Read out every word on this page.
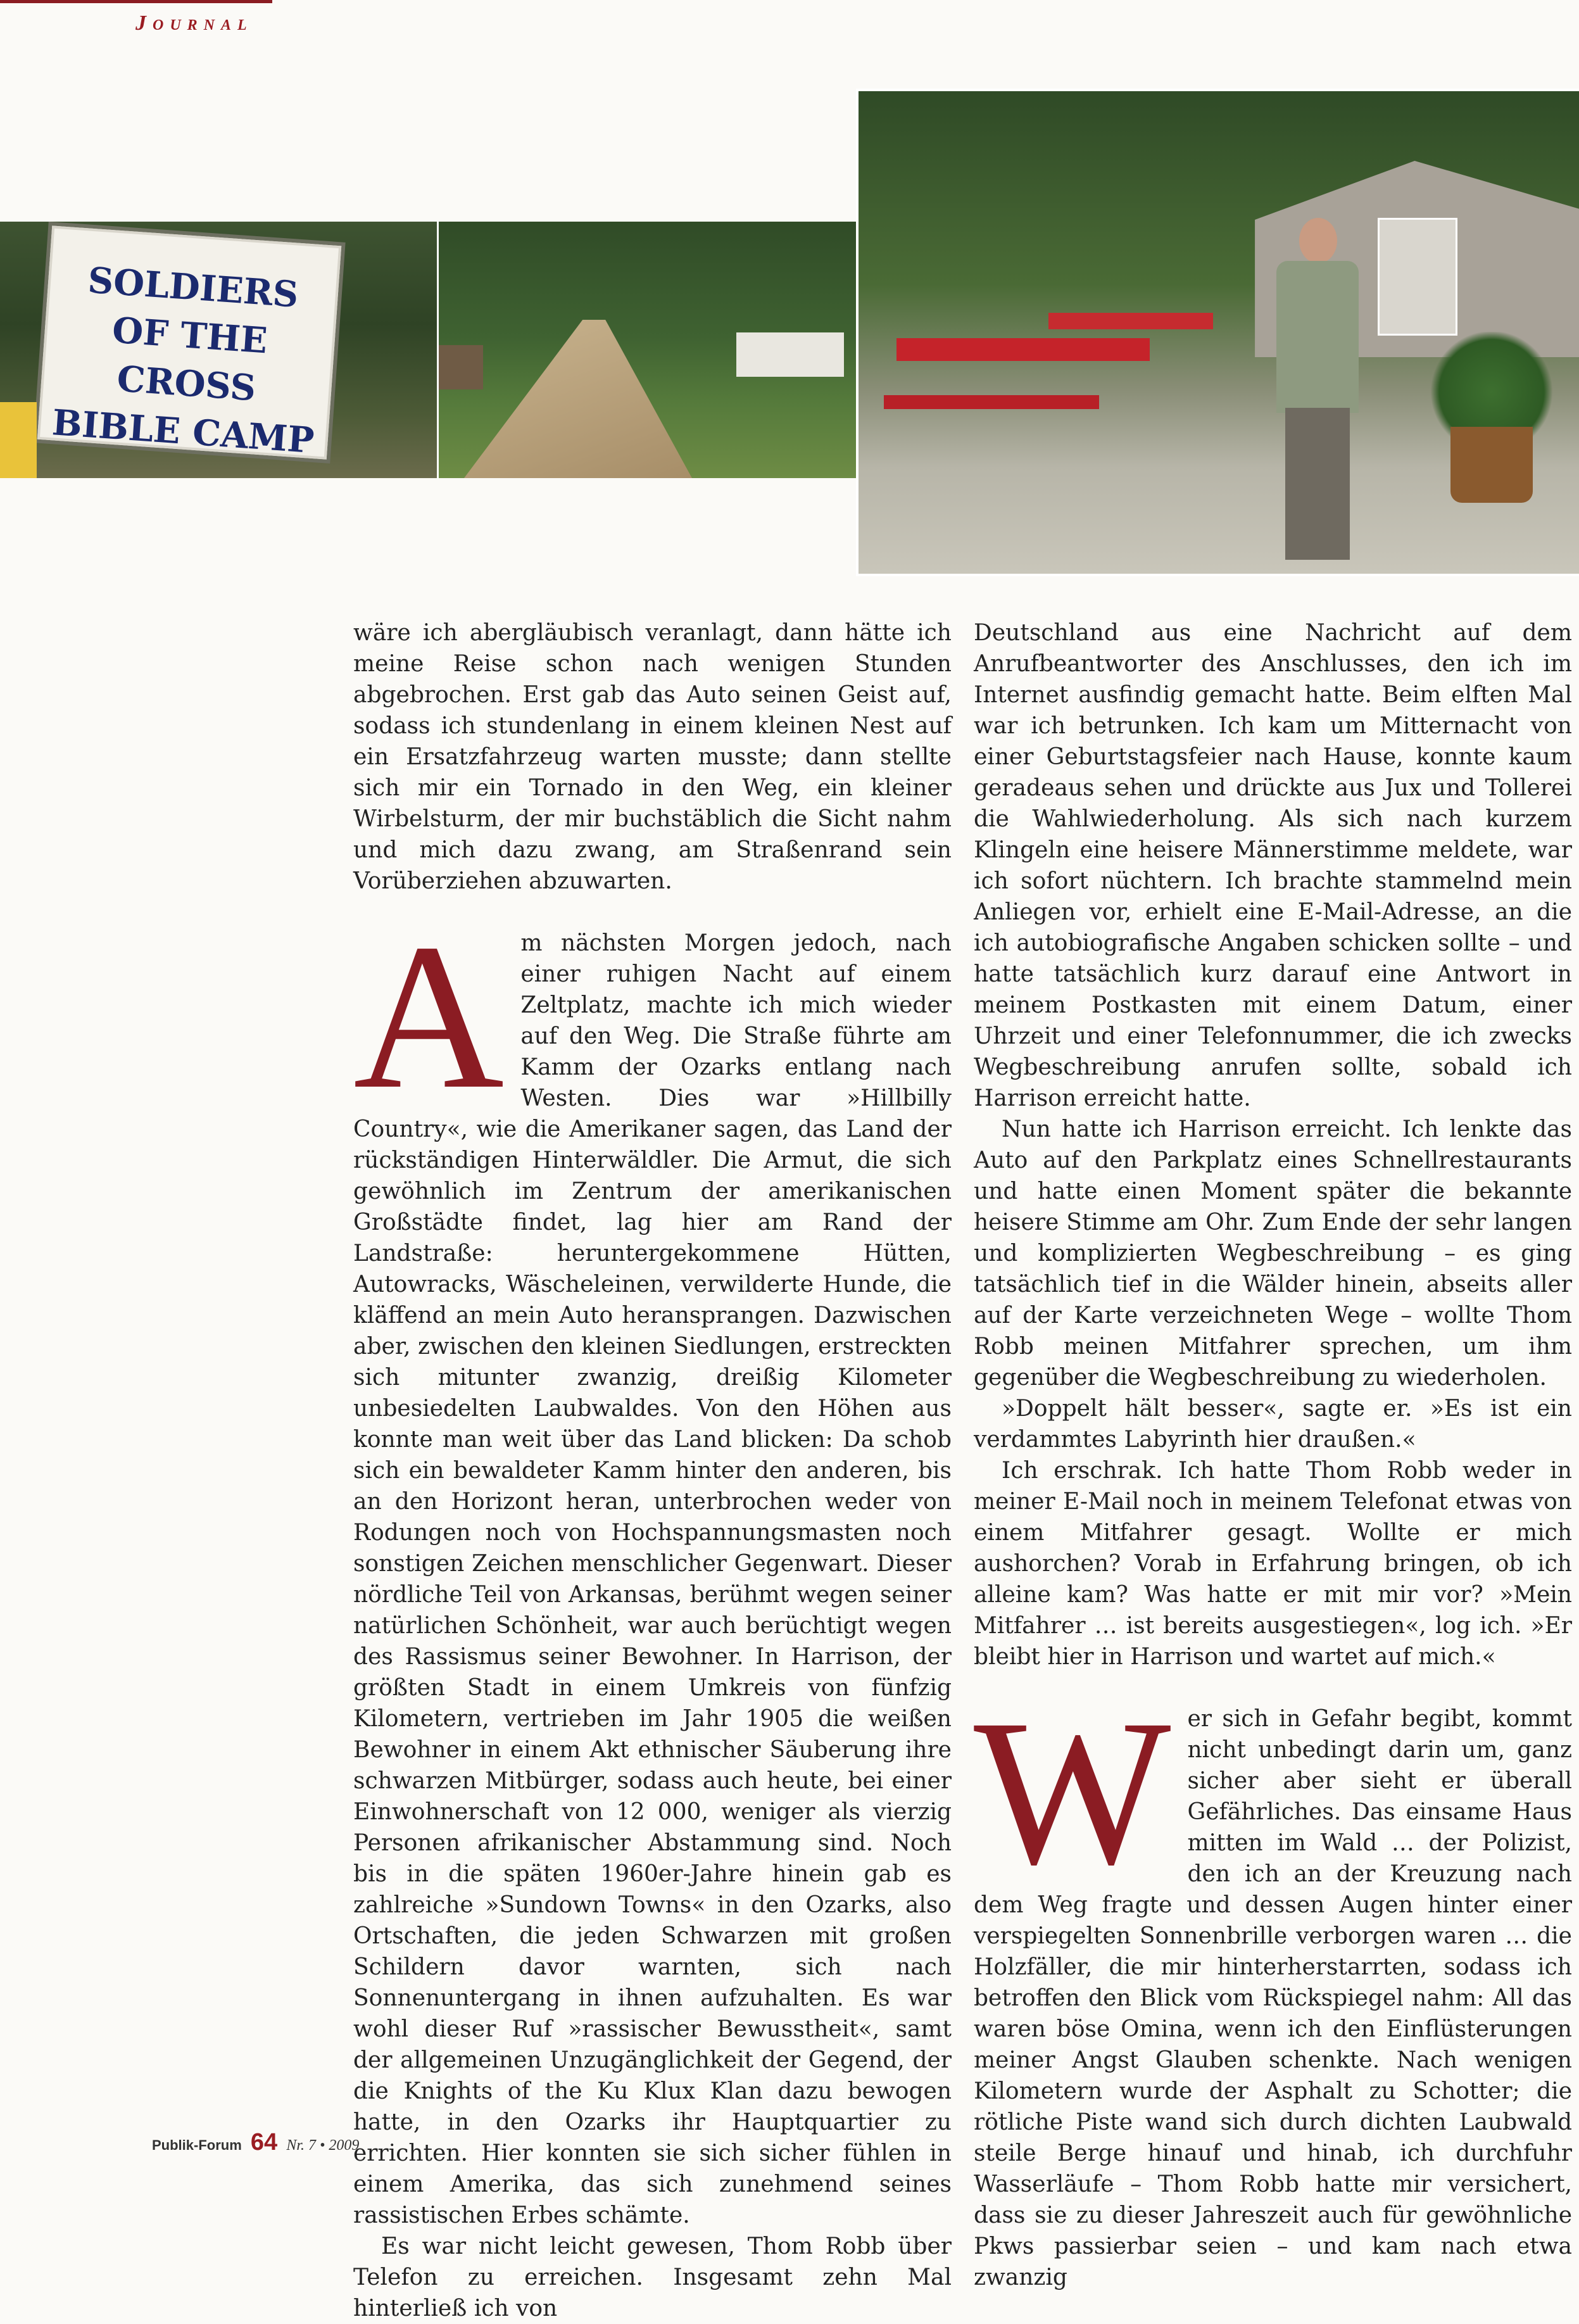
Journal
SOLDIERS
OF THE CROSS
BIBLE CAMP

wäre ich abergläubisch veranlagt, dann hätte ich meine Reise schon nach wenigen Stunden abgebrochen. Erst gab das Auto seinen Geist auf, sodass ich stundenlang in einem kleinen Nest auf ein Ersatzfahrzeug warten musste; dann stellte sich mir ein Tornado in den Weg, ein kleiner Wirbelsturm, der mir buchstäblich die Sicht nahm und mich dazu zwang, am Straßenrand sein Vorüberziehen abzuwarten.

Am nächsten Morgen jedoch, nach einer ruhigen Nacht auf einem Zeltplatz, machte ich mich wieder auf den Weg. Die Straße führte am Kamm der Ozarks entlang nach Westen. Dies war »Hillbilly Country«, wie die Amerikaner sagen, das Land der rückständigen Hinterwäldler. Die Armut, die sich gewöhnlich im Zentrum der amerikanischen Großstädte findet, lag hier am Rand der Landstraße: heruntergekommene Hütten, Autowracks, Wäscheleinen, verwilderte Hunde, die kläffend an mein Auto heransprangen. Dazwischen aber, zwischen den kleinen Siedlungen, erstreckten sich mitunter zwanzig, dreißig Kilometer unbesiedelten Laubwaldes. Von den Höhen aus konnte man weit über das Land blicken: Da schob sich ein bewaldeter Kamm hinter den anderen, bis an den Horizont heran, unterbrochen weder von Rodungen noch von Hochspannungsmasten noch sonstigen Zeichen menschlicher Gegenwart. Dieser nördliche Teil von Arkansas, berühmt wegen seiner natürlichen Schönheit, war auch berüchtigt wegen des Rassismus seiner Bewohner. In Harrison, der größten Stadt in einem Umkreis von fünfzig Kilometern, vertrieben im Jahr 1905 die weißen Bewohner in einem Akt ethnischer Säuberung ihre schwarzen Mitbürger, sodass auch heute, bei einer Einwohnerschaft von 12 000, weniger als vierzig Personen afrikanischer Abstammung sind. Noch bis in die späten 1960er-Jahre hinein gab es zahlreiche »Sundown Towns« in den Ozarks, also Ortschaften, die jeden Schwarzen mit großen Schildern davor warnten, sich nach Sonnenuntergang in ihnen aufzuhalten. Es war wohl dieser Ruf »rassischer Bewusstheit«, samt der allgemeinen Unzugänglichkeit der Gegend, der die Knights of the Ku Klux Klan dazu bewogen hatte, in den Ozarks ihr Hauptquartier zu errichten. Hier konnten sie sich sicher fühlen in einem Amerika, das sich zunehmend seines rassistischen Erbes schämte.

Es war nicht leicht gewesen, Thom Robb über Telefon zu erreichen. Insgesamt zehn Mal hinterließ ich von

Deutschland aus eine Nachricht auf dem Anrufbeantworter des Anschlusses, den ich im Internet ausfindig gemacht hatte. Beim elften Mal war ich betrunken. Ich kam um Mitternacht von einer Geburtstagsfeier nach Hause, konnte kaum geradeaus sehen und drückte aus Jux und Tollerei die Wahlwiederholung. Als sich nach kurzem Klingeln eine heisere Männerstimme meldete, war ich sofort nüchtern. Ich brachte stammelnd mein Anliegen vor, erhielt eine E-Mail-Adresse, an die ich autobiografische Angaben schicken sollte – und hatte tatsächlich kurz darauf eine Antwort in meinem Postkasten mit einem Datum, einer Uhrzeit und einer Telefonnummer, die ich zwecks Wegbeschreibung anrufen sollte, sobald ich Harrison erreicht hatte.

Nun hatte ich Harrison erreicht. Ich lenkte das Auto auf den Parkplatz eines Schnellrestaurants und hatte einen Moment später die bekannte heisere Stimme am Ohr. Zum Ende der sehr langen und komplizierten Wegbeschreibung – es ging tatsächlich tief in die Wälder hinein, abseits aller auf der Karte verzeichneten Wege – wollte Thom Robb meinen Mitfahrer sprechen, um ihm gegenüber die Wegbeschreibung zu wiederholen.

»Doppelt hält besser«, sagte er. »Es ist ein verdammtes Labyrinth hier draußen.«

Ich erschrak. Ich hatte Thom Robb weder in meiner E-Mail noch in meinem Telefonat etwas von einem Mitfahrer gesagt. Wollte er mich aushorchen? Vorab in Erfahrung bringen, ob ich alleine kam? Was hatte er mit mir vor? »Mein Mitfahrer … ist bereits ausgestiegen«, log ich. »Er bleibt hier in Harrison und wartet auf mich.«

Wer sich in Gefahr begibt, kommt nicht unbedingt darin um, ganz sicher aber sieht er überall Gefährliches. Das einsame Haus mitten im Wald … der Polizist, den ich an der Kreuzung nach dem Weg fragte und dessen Augen hinter einer verspiegelten Sonnenbrille verborgen waren … die Holzfäller, die mir hinterherstarrten, sodass ich betroffen den Blick vom Rückspiegel nahm: All das waren böse Omina, wenn ich den Einflüsterungen meiner Angst Glauben schenkte. Nach wenigen Kilometern wurde der Asphalt zu Schotter; die rötliche Piste wand sich durch dichten Laubwald steile Berge hinauf und hinab, ich durchfuhr Wasserläufe – Thom Robb hatte mir versichert, dass sie zu dieser Jahreszeit auch für gewöhnliche Pkws passierbar seien – und kam nach etwa zwanzig

Publik-Forum 64 Nr. 7 • 2009
